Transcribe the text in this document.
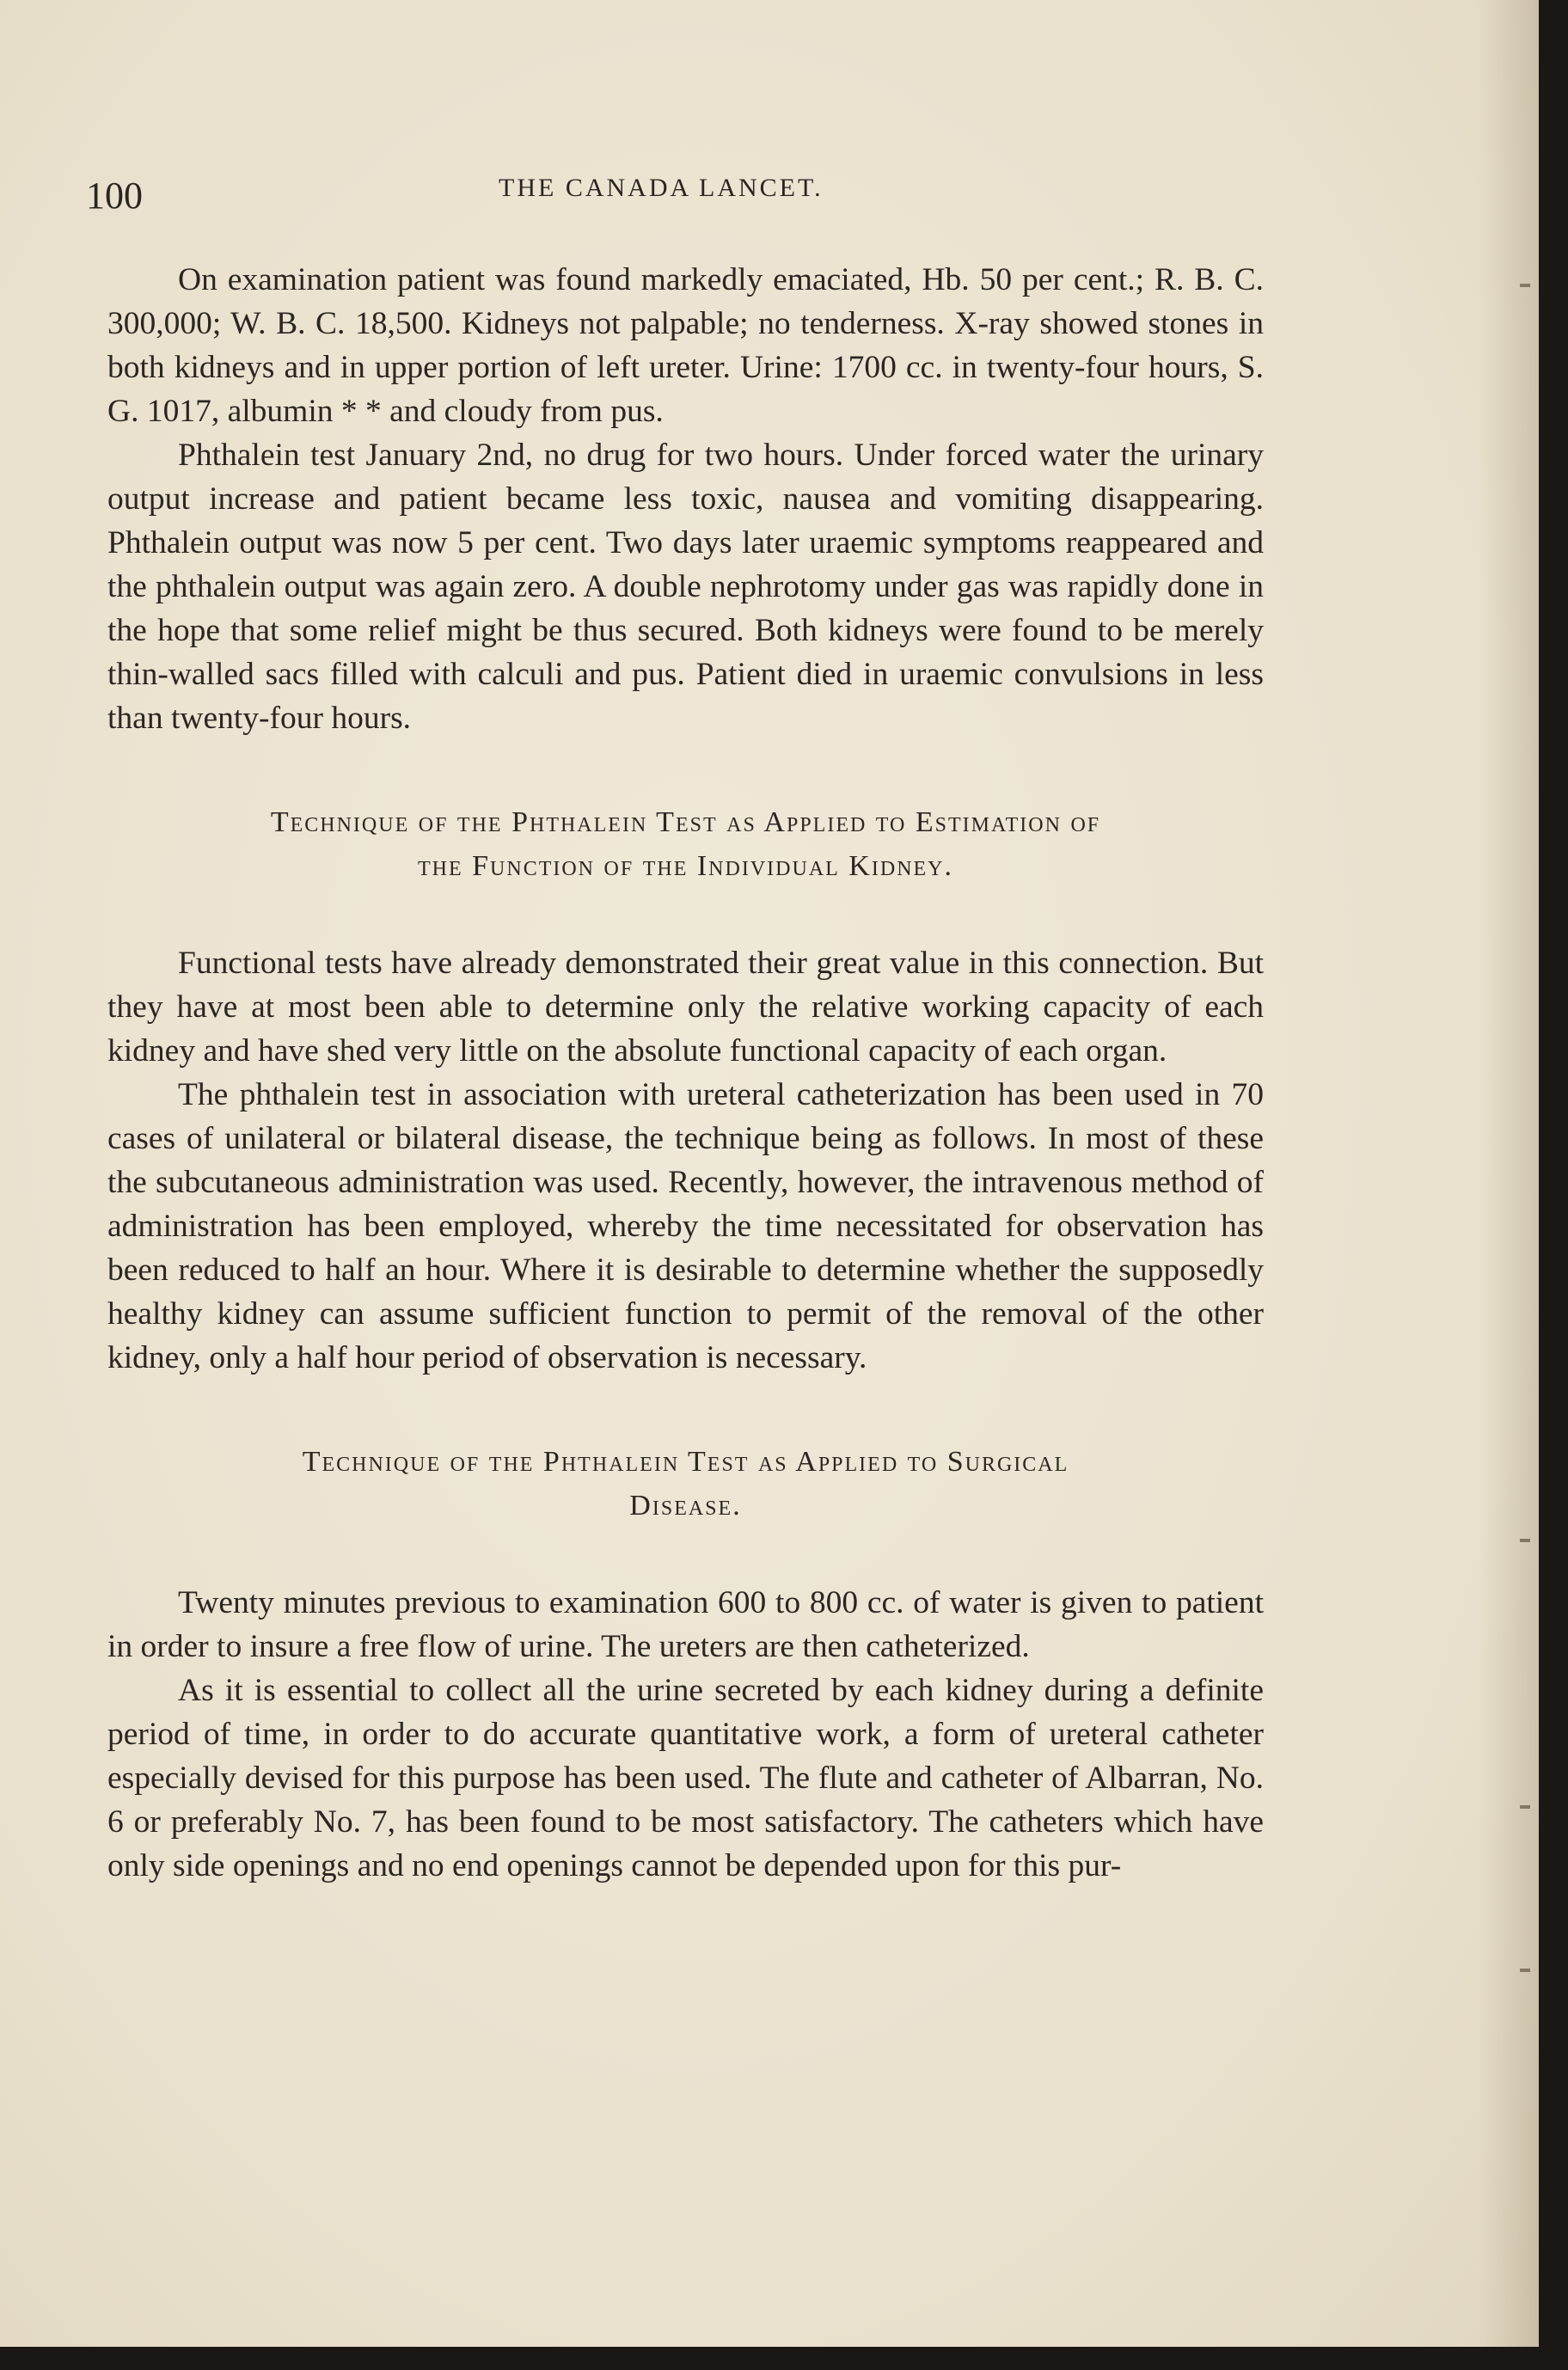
100	THE CANADA LANCET.

On examination patient was found markedly emaciated, Hb. 50 per cent.; R. B. C. 300,000; W. B. C. 18,500. Kidneys not palpable; no tenderness. X-ray showed stones in both kidneys and in upper portion of left ureter. Urine: 1700 cc. in twenty-four hours, S. G. 1017, albumin * * and cloudy from pus.

Phthalein test January 2nd, no drug for two hours. Under forced water the urinary output increase and patient became less toxic, nausea and vomiting disappearing. Phthalein output was now 5 per cent. Two days later uraemic symptoms reappeared and the phthalein output was again zero. A double nephrotomy under gas was rapidly done in the hope that some relief might be thus secured. Both kidneys were found to be merely thin-walled sacs filled with calculi and pus. Patient died in uraemic convulsions in less than twenty-four hours.

Technique of the Phthalein Test as Applied to Estimation of
the Function of the Individual Kidney.

Functional tests have already demonstrated their great value in this connection. But they have at most been able to determine only the relative working capacity of each kidney and have shed very little on the absolute functional capacity of each organ.

The phthalein test in association with ureteral catheterization has been used in 70 cases of unilateral or bilateral disease, the technique being as follows. In most of these the subcutaneous administration was used. Recently, however, the intravenous method of administration has been employed, whereby the time necessitated for observation has been reduced to half an hour. Where it is desirable to determine whether the supposedly healthy kidney can assume sufficient function to permit of the removal of the other kidney, only a half hour period of observation is necessary.

Technique of the Phthalein Test as Applied to Surgical
Disease.

Twenty minutes previous to examination 600 to 800 cc. of water is given to patient in order to insure a free flow of urine. The ureters are then catheterized.

As it is essential to collect all the urine secreted by each kidney during a definite period of time, in order to do accurate quantitative work, a form of ureteral catheter especially devised for this purpose has been used. The flute and catheter of Albarran, No. 6 or preferably No. 7, has been found to be most satisfactory. The catheters which have only side openings and no end openings cannot be depended upon for this pur-
